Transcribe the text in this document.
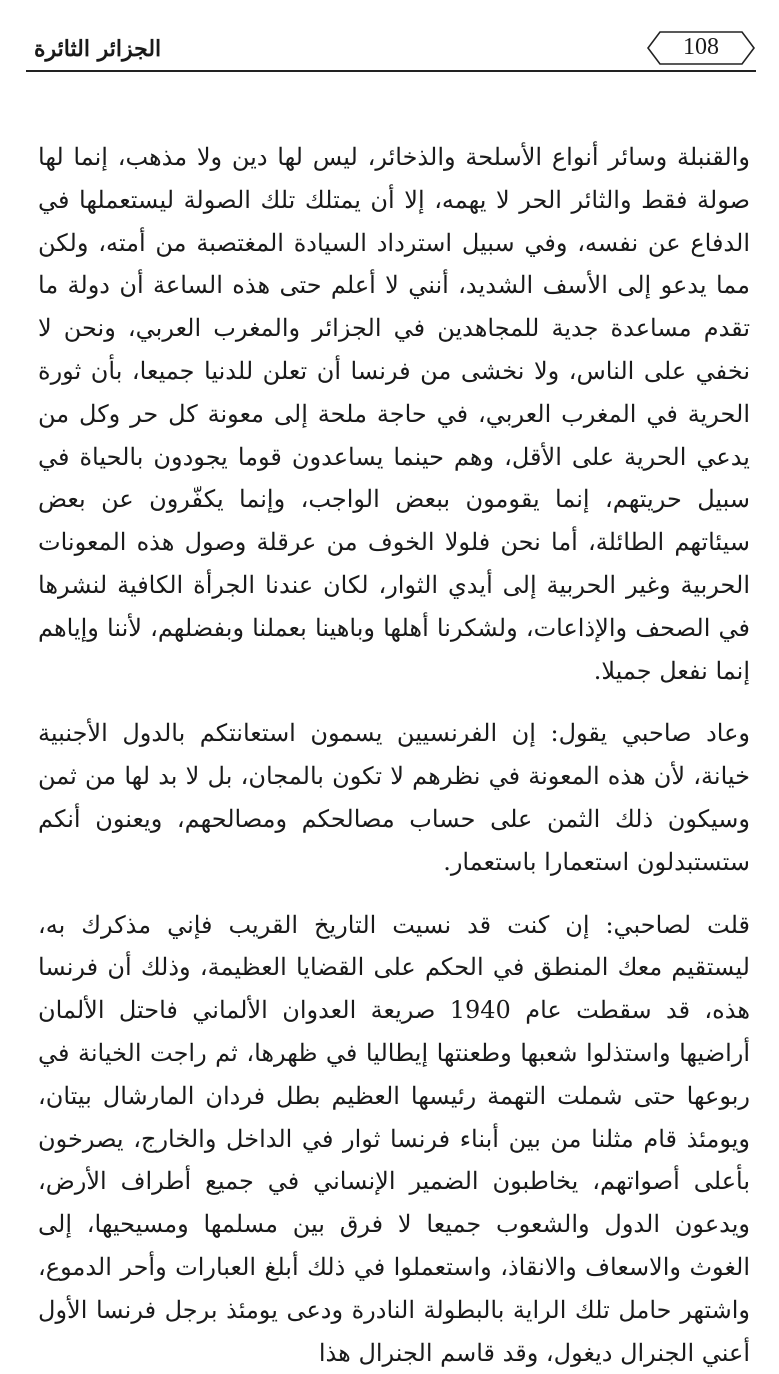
الجزائر الثائرة	108

والقنبلة وسائر أنواع الأسلحة والذخائر، ليس لها دين ولا مذهب، إنما لها صولة فقط والثائر الحر لا يهمه، إلا أن يمتلك تلك الصولة ليستعملها في الدفاع عن نفسه، وفي سبيل استرداد السيادة المغتصبة من أمته، ولكن مما يدعو إلى الأسف الشديد، أنني لا أعلم حتى هذه الساعة أن دولة ما تقدم مساعدة جدية للمجاهدين في الجزائر والمغرب العربي، ونحن لا نخفي على الناس، ولا نخشى من فرنسا أن تعلن للدنيا جميعا، بأن ثورة الحرية في المغرب العربي، في حاجة ملحة إلى معونة كل حر وكل من يدعي الحرية على الأقل، وهم حينما يساعدون قوما يجودون بالحياة في سبيل حريتهم، إنما يقومون ببعض الواجب، وإنما يكفّرون عن بعض سيئاتهم الطائلة، أما نحن فلولا الخوف من عرقلة وصول هذه المعونات الحربية وغير الحربية إلى أيدي الثوار، لكان عندنا الجرأة الكافية لنشرها في الصحف والإذاعات، ولشكرنا أهلها وباهينا بعملنا وبفضلهم، لأننا وإياهم إنما نفعل جميلا.

وعاد صاحبي يقول: إن الفرنسيين يسمون استعانتكم بالدول الأجنبية خيانة، لأن هذه المعونة في نظرهم لا تكون بالمجان، بل لا بد لها من ثمن وسيكون ذلك الثمن على حساب مصالحكم ومصالحهم، ويعنون أنكم ستستبدلون استعمارا باستعمار.

قلت لصاحبي: إن كنت قد نسيت التاريخ القريب فإني مذكرك به، ليستقيم معك المنطق في الحكم على القضايا العظيمة، وذلك أن فرنسا هذه، قد سقطت عام 1940 صريعة العدوان الألماني فاحتل الألمان أراضيها واستذلوا شعبها وطعنتها إيطاليا في ظهرها، ثم راجت الخيانة في ربوعها حتى شملت التهمة رئيسها العظيم بطل فردان المارشال بيتان، ويومئذ قام مثلنا من بين أبناء فرنسا ثوار في الداخل والخارج، يصرخون بأعلى أصواتهم، يخاطبون الضمير الإنساني في جميع أطراف الأرض، ويدعون الدول والشعوب جميعا لا فرق بين مسلمها ومسيحيها، إلى الغوث والاسعاف والانقاذ، واستعملوا في ذلك أبلغ العبارات وأحر الدموع، واشتهر حامل تلك الراية بالبطولة النادرة ودعى يومئذ برجل فرنسا الأول أعني الجنرال ديغول، وقد قاسم الجنرال هذا
